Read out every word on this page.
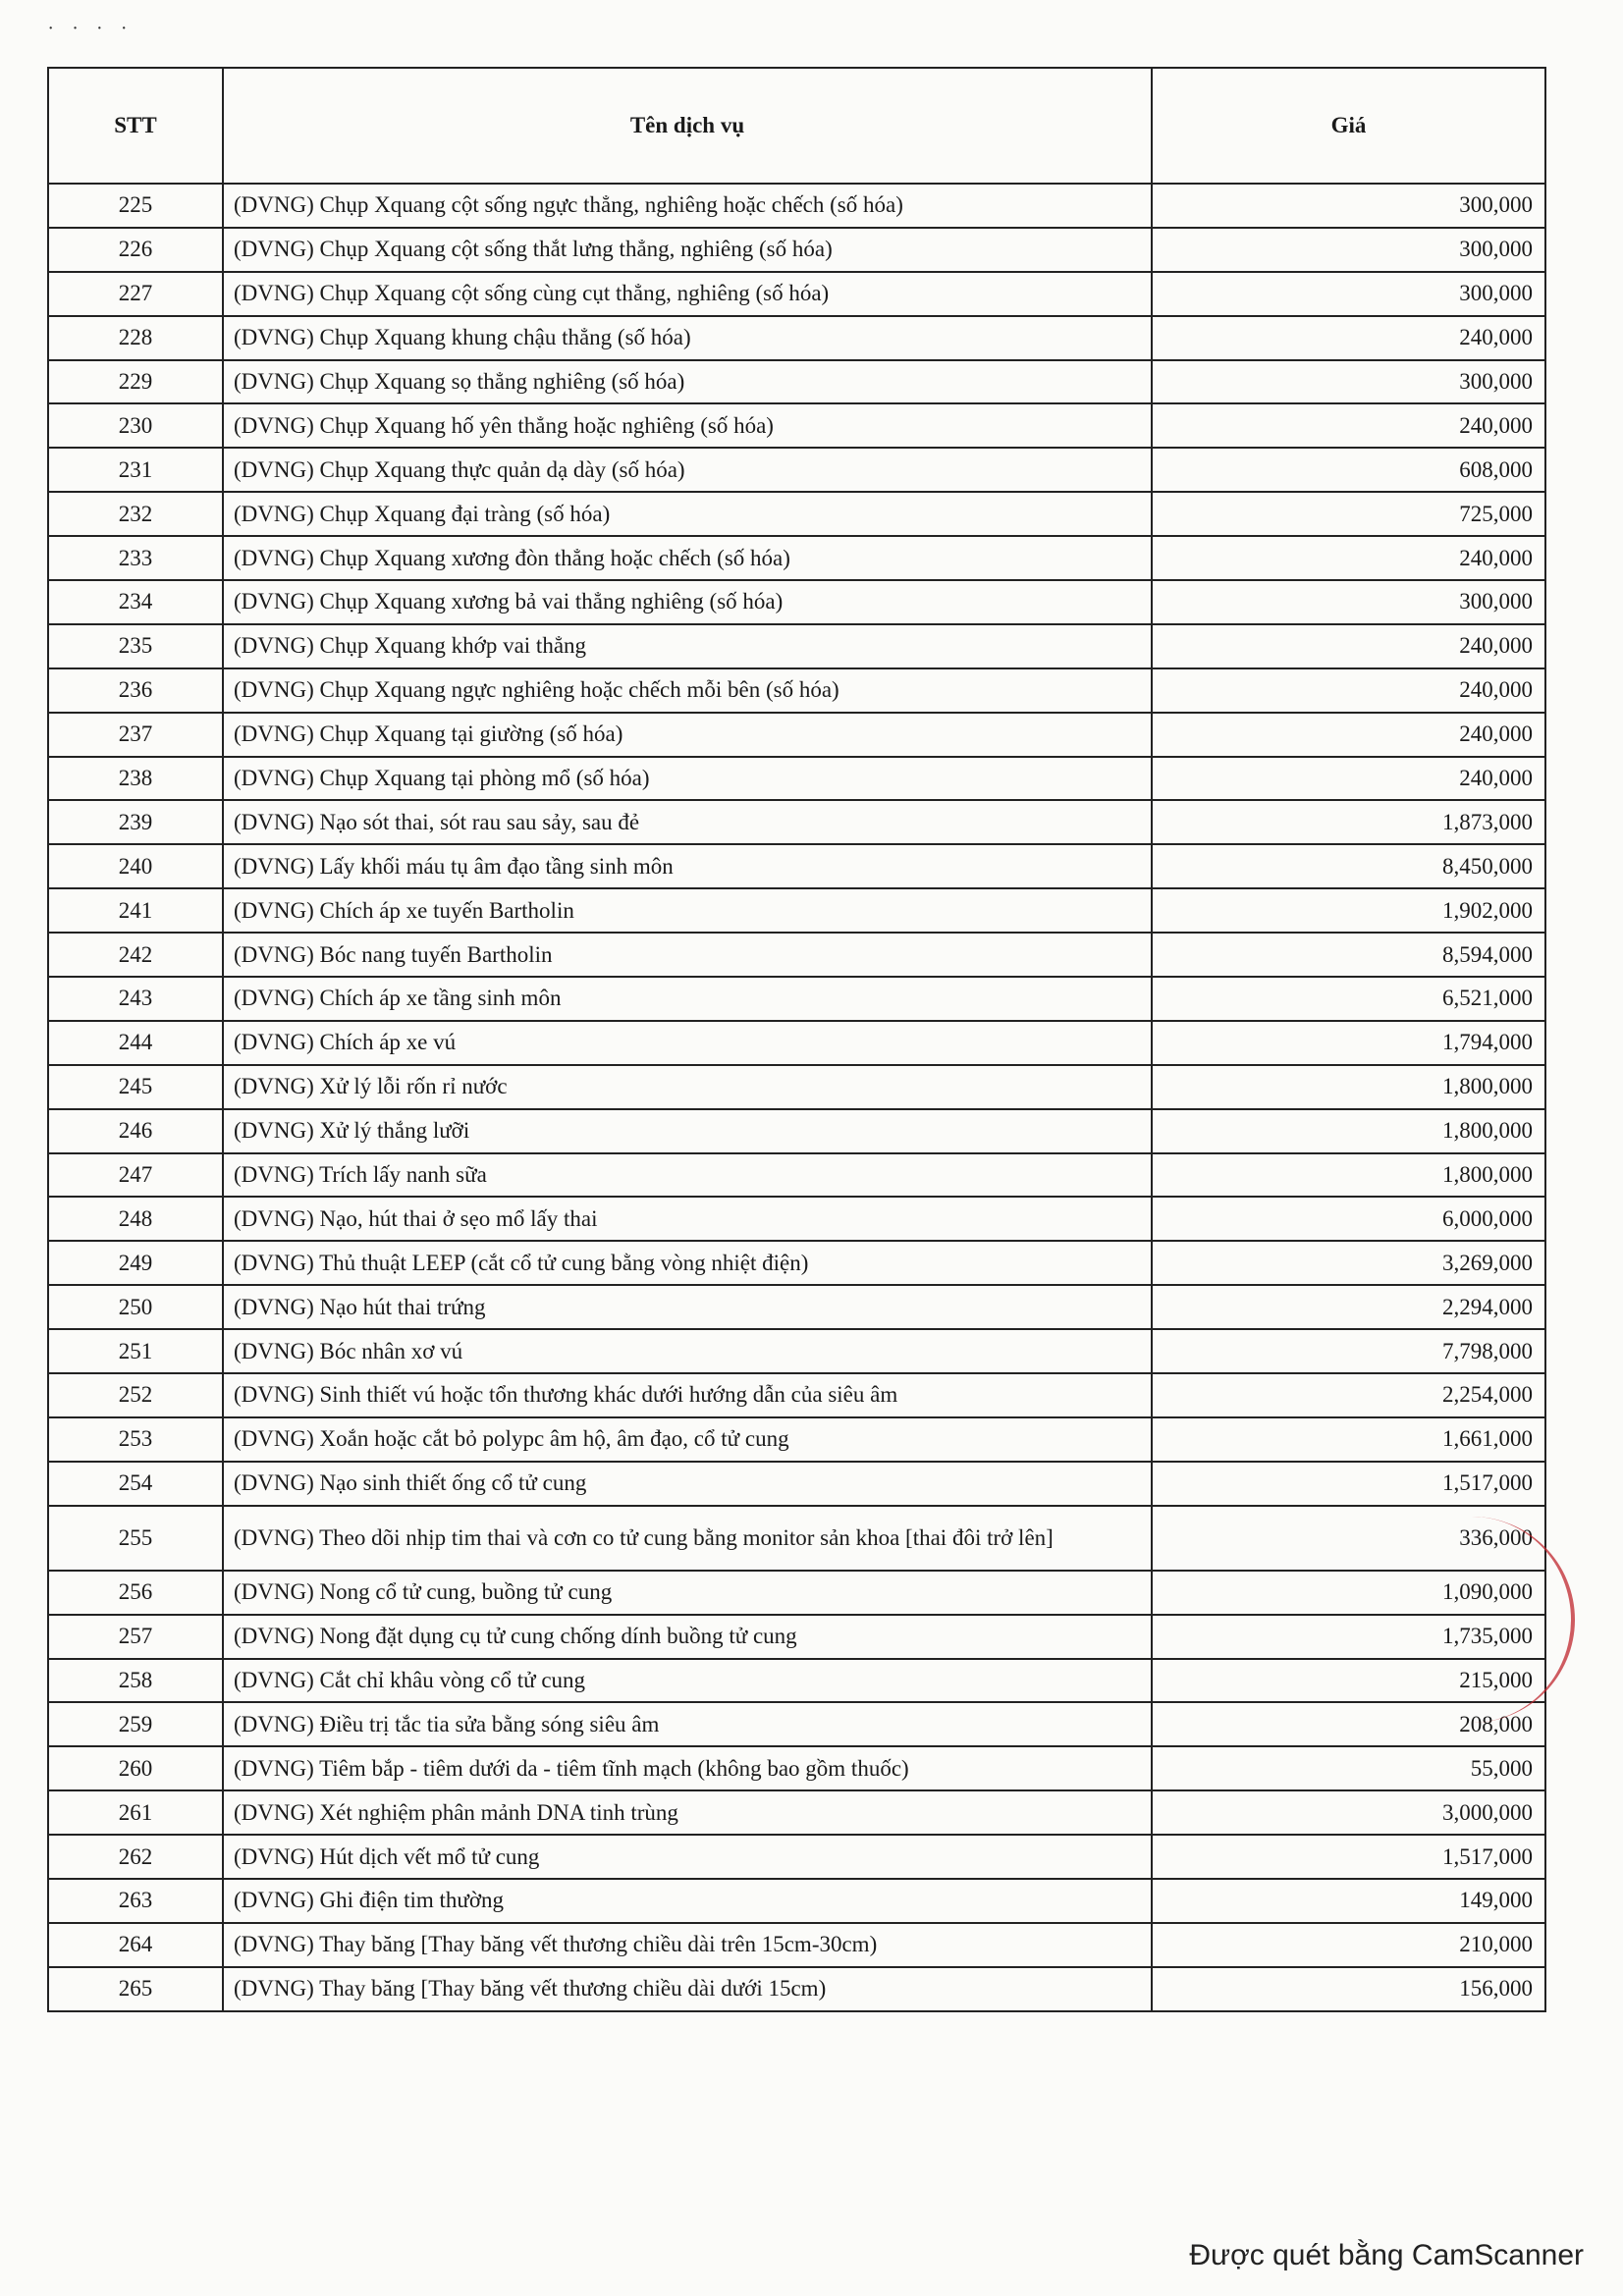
˙ ˙ ˙ ˙
STT	Tên dịch vụ	Giá
225	(DVNG) Chụp Xquang cột sống ngực thẳng, nghiêng hoặc chếch (số hóa)	300,000
226	(DVNG) Chụp Xquang cột sống thắt lưng thẳng, nghiêng (số hóa)	300,000
227	(DVNG) Chụp Xquang cột sống cùng cụt thẳng, nghiêng (số hóa)	300,000
228	(DVNG) Chụp Xquang khung chậu thẳng (số hóa)	240,000
229	(DVNG) Chụp Xquang sọ thẳng nghiêng (số hóa)	300,000
230	(DVNG) Chụp Xquang hố yên thẳng hoặc nghiêng (số hóa)	240,000
231	(DVNG) Chụp Xquang thực quản dạ dày (số hóa)	608,000
232	(DVNG) Chụp Xquang đại tràng (số hóa)	725,000
233	(DVNG) Chụp Xquang xương đòn thẳng hoặc chếch (số hóa)	240,000
234	(DVNG) Chụp Xquang xương bả vai thẳng nghiêng (số hóa)	300,000
235	(DVNG) Chụp Xquang khớp vai thẳng	240,000
236	(DVNG) Chụp Xquang ngực nghiêng hoặc chếch mỗi bên (số hóa)	240,000
237	(DVNG) Chụp Xquang tại giường (số hóa)	240,000
238	(DVNG) Chụp Xquang tại phòng mổ (số hóa)	240,000
239	(DVNG) Nạo sót thai, sót rau sau sảy, sau đẻ	1,873,000
240	(DVNG) Lấy khối máu tụ âm đạo tầng sinh môn	8,450,000
241	(DVNG) Chích áp xe tuyến Bartholin	1,902,000
242	(DVNG) Bóc nang tuyến Bartholin	8,594,000
243	(DVNG) Chích áp xe tầng sinh môn	6,521,000
244	(DVNG) Chích áp xe vú	1,794,000
245	(DVNG) Xử lý lỗi rốn rỉ nước	1,800,000
246	(DVNG) Xử lý thắng lưỡi	1,800,000
247	(DVNG) Trích lấy nanh sữa	1,800,000
248	(DVNG) Nạo, hút thai ở sẹo mổ lấy thai	6,000,000
249	(DVNG) Thủ thuật LEEP (cắt cổ tử cung bằng vòng nhiệt điện)	3,269,000
250	(DVNG) Nạo hút thai trứng	2,294,000
251	(DVNG) Bóc nhân xơ vú	7,798,000
252	(DVNG) Sinh thiết vú hoặc tổn thương khác dưới hướng dẫn của siêu âm	2,254,000
253	(DVNG) Xoắn hoặc cắt bỏ polypc âm hộ, âm đạo, cổ tử cung	1,661,000
254	(DVNG) Nạo sinh thiết ống cổ tử cung	1,517,000
255	(DVNG) Theo dõi nhịp tim thai và cơn co tử cung bằng monitor sản khoa [thai đôi trở lên]	336,000
256	(DVNG) Nong cổ tử cung, buồng tử cung	1,090,000
257	(DVNG) Nong đặt dụng cụ tử cung chống dính buồng tử cung	1,735,000
258	(DVNG) Cắt chỉ khâu vòng cổ tử cung	215,000
259	(DVNG) Điều trị tắc tia sửa bằng sóng siêu âm	208,000
260	(DVNG) Tiêm bắp - tiêm dưới da - tiêm tĩnh mạch (không bao gồm thuốc)	55,000
261	(DVNG) Xét nghiệm phân mảnh DNA tinh trùng	3,000,000
262	(DVNG) Hút dịch vết mổ tử cung	1,517,000
263	(DVNG) Ghi điện tim thường	149,000
264	(DVNG) Thay băng [Thay băng vết thương chiều dài trên 15cm-30cm)	210,000
265	(DVNG) Thay băng [Thay băng vết thương chiều dài dưới 15cm)	156,000
Được quét bằng CamScanner
